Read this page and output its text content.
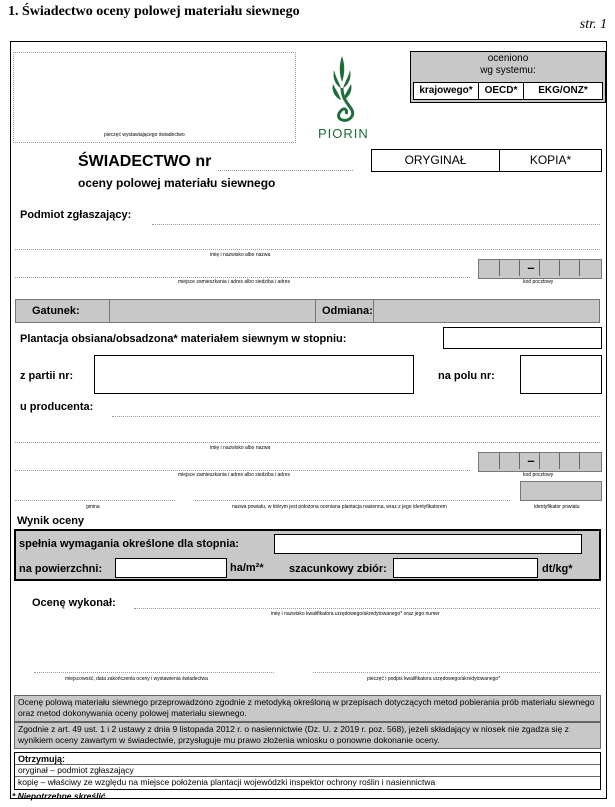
1. Świadectwo oceny polowej materiału siewnego
str. 1
pieczęć wystawiającego świadectwo	PIORIN
oceniono
wg systemu:
krajowego*	OECD*	EKG/ONZ*
ŚWIADECTWO nr
oceny polowej materiału siewnego
ORYGINAŁ	KOPIA*
Podmiot zgłaszający:
imię i nazwisko albo nazwa
–
miejsce zamieszkania i adres albo siedziba i adres	kod pocztowy
Gatunek:	Odmiana:
Plantacja obsiana/obsadzona* materiałem siewnym w stopniu:
z partii nr:	na polu nr:
u producenta:
imię i nazwisko albo nazwa
–
miejsce zamieszkania i adres albo siedziba i adres	kod pocztowy
gmina	nazwa powiatu, w którym jest położona oceniana plantacja nasienna, wraz z jego identyfikatorem	identyfikator powiatu
Wynik oceny
spełnia wymagania określone dla stopnia:
na powierzchni:	ha/m²* szacunkowy zbiór:	dt/kg*
Ocenę wykonał:
imię i nazwisko kwalifikatora urzędowego/akredytowanego* oraz jego numer
miejscowość, data zakończenia oceny i wystawienia świadectwa	pieczęć i podpis kwalifikatora urzędowego/akredytowanego*
Ocenę polową materiału siewnego przeprowadzono zgodnie z metodyką określoną w przepisach dotyczących metod pobierania prób materiału siewnego oraz metod dokonywania oceny polowej materiału siewnego.
Zgodnie z art. 49 ust. 1 i 2 ustawy z dnia 9 listopada 2012 r. o nasiennictwie (Dz. U. z 2019 r. poz. 568), jeżeli składający w niosek nie zgadza się z wynikiem oceny zawartym w świadectwie, przysługuje mu prawo złożenia wniosku o ponowne dokonanie oceny.
Otrzymują:
oryginał – podmiot zgłaszający
kopię – właściwy ze względu na miejsce położenia plantacji wojewódzki inspektor ochrony roślin i nasiennictwa
* Niepotrzebne skreślić.
